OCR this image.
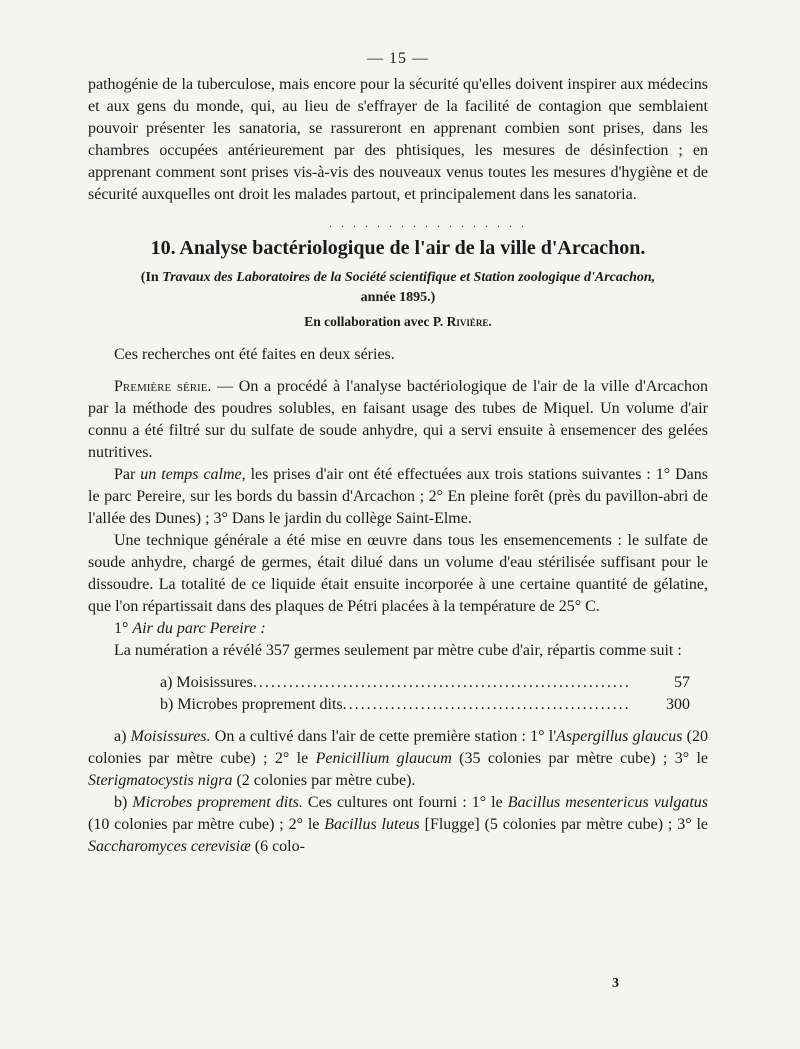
— 15 —

pathogénie de la tuberculose, mais encore pour la sécurité qu'elles doivent inspirer aux médecins et aux gens du monde, qui, au lieu de s'effrayer de la facilité de contagion que semblaient pouvoir présenter les sanatoria, se rassureront en apprenant combien sont prises, dans les chambres occupées antérieurement par des phtisiques, les mesures de désinfection ; en apprenant comment sont prises vis-à-vis des nouveaux venus toutes les mesures d'hygiène et de sécurité auxquelles ont droit les malades partout, et principalement dans les sanatoria.

. . . . . . . . . . . . . . . . .
10. Analyse bactériologique de l'air de la ville d'Arcachon.
(In Travaux des Laboratoires de la Société scientifique et Station zoologique d'Arcachon,
année 1895.)
En collaboration avec P. Rivière.

Ces recherches ont été faites en deux séries.

Première série. — On a procédé à l'analyse bactériologique de l'air de la ville d'Arcachon par la méthode des poudres solubles, en faisant usage des tubes de Miquel. Un volume d'air connu a été filtré sur du sulfate de soude anhydre, qui a servi ensuite à ensemencer des gelées nutritives.

Par un temps calme, les prises d'air ont été effectuées aux trois stations suivantes : 1° Dans le parc Pereire, sur les bords du bassin d'Arcachon ; 2° En pleine forêt (près du pavillon-abri de l'allée des Dunes) ; 3° Dans le jardin du collège Saint-Elme.

Une technique générale a été mise en œuvre dans tous les ensemencements : le sulfate de soude anhydre, chargé de germes, était dilué dans un volume d'eau stérilisée suffisant pour le dissoudre. La totalité de ce liquide était ensuite incorporée à une certaine quantité de gélatine, que l'on répartissait dans des plaques de Pétri placées à la température de 25° C.

1° Air du parc Pereire :

La numération a révélé 357 germes seulement par mètre cube d'air, répartis comme suit :

a) Moisissures . . .	57
b) Microbes proprement dits . . .	300

a) Moisissures. On a cultivé dans l'air de cette première station : 1° l'Aspergillus glaucus (20 colonies par mètre cube) ; 2° le Penicillium glaucum (35 colonies par mètre cube) ; 3° le Sterigmatocystis nigra (2 colonies par mètre cube).

b) Microbes proprement dits. Ces cultures ont fourni : 1° le Bacillus mesentericus vulgatus (10 colonies par mètre cube) ; 2° le Bacillus luteus [Flugge] (5 colonies par mètre cube) ; 3° le Saccharomyces cerevisiæ (6 colo-

3
